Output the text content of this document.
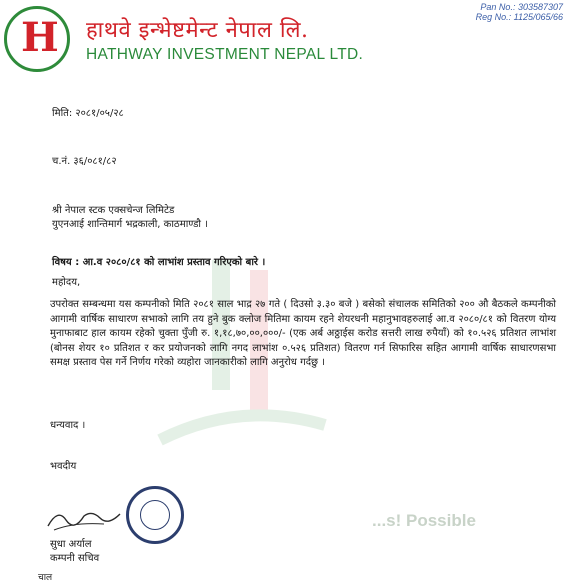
...s! Possible
H हाथवे इन्भेष्टमेन्ट नेपाल लि.
HATHWAY INVESTMENT NEPAL LTD.
Pan No.: 303587307
Reg No.: 1125/065/66
मिति: २०८१/०५/२८
च.नं. ३६/०८१/८२
श्री नेपाल स्टक एक्सचेन्ज लिमिटेड
युएनआई शान्तिमार्ग भद्रकाली, काठमाण्डौ ।
विषय : आ.व २०८०/८१ को लाभांश प्रस्ताव गरिएको बारे ।
महोदय,
उपरोक्त सम्बन्धमा यस कम्पनीको मिति २०८१ साल भाद्र २७ गते ( दिउसो ३.३० बजे ) बसेको संचालक समितिको २०० औ बैठकले कम्पनीको आगामी वार्षिक साधारण सभाको लागि तय हुने बुक क्लोज मितिमा कायम रहने शेयरधनी महानुभावहरुलाई आ.व २०८०/८१ को वितरण योग्य मुनाफाबाट हाल कायम रहेको चुक्ता पुँजी रु. १,१८,७०,००,०००/- (एक अर्ब अठ्ठाईस करोड सत्तरी लाख रुपैयाँ) को १०.५२६ प्रतिशत लाभांश (बोनस शेयर १० प्रतिशत र कर प्रयोजनको लागि नगद लाभांश ०.५२६ प्रतिशत) वितरण गर्न सिफारिस सहित आगामी वार्षिक साधारणसभा समक्ष प्रस्ताव पेस गर्ने निर्णय गरेको व्यहोरा जानकारीको लागि अनुरोध गर्दछु ।
धन्यवाद ।
भवदीय
सुधा अर्याल
कम्पनी सचिव
चाल
